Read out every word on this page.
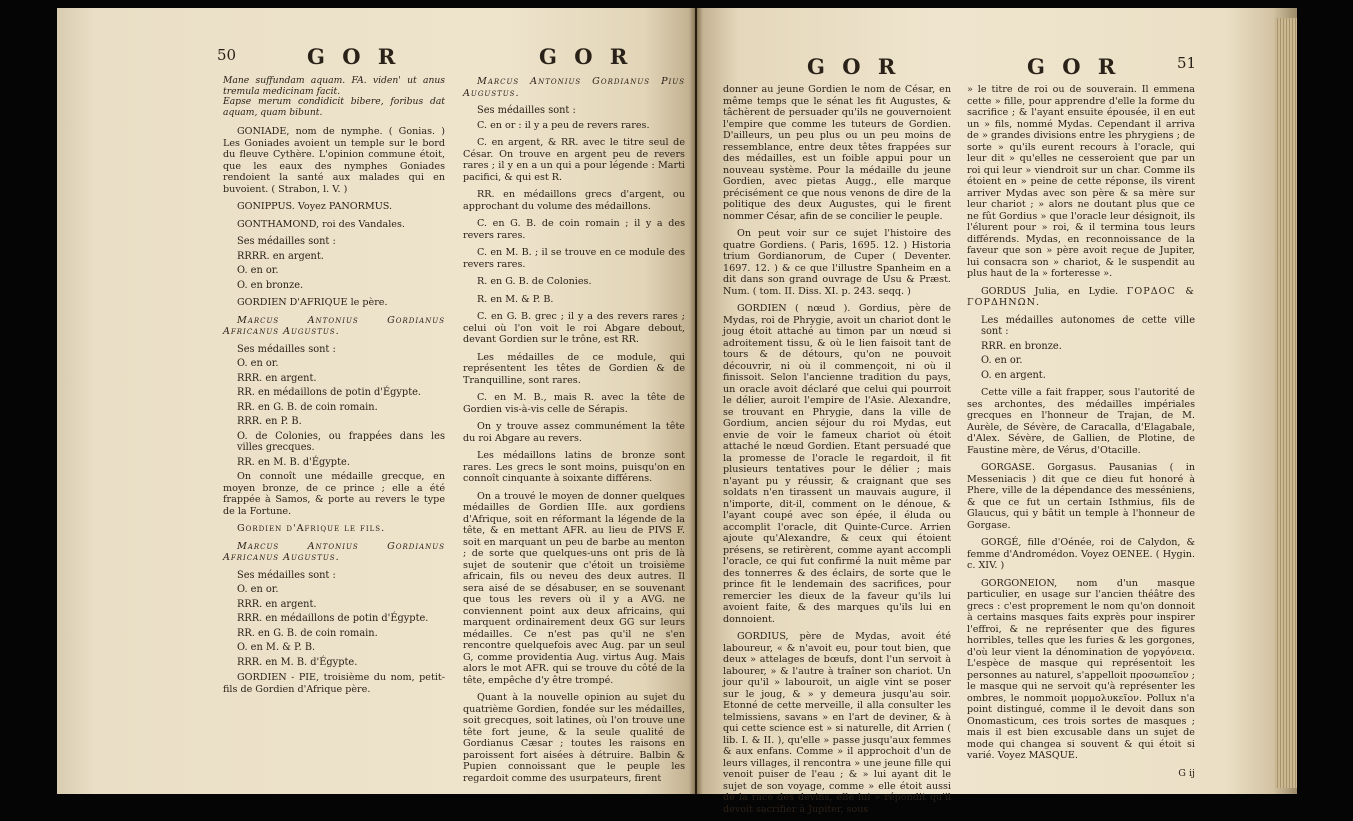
50	G O R	G O R
Mane suffundam aquam. FA. viden' ut anus tremula medicinam facit.
Eapse merum condidicit bibere, foribus dat aquam, quam bibunt.

GONIADE, nom de nymphe. ( Gonias. ) Les Goniades avoient un temple sur le bord du fleuve Cythère. L'opinion commune étoit, que les eaux des nymphes Goniades rendoient la santé aux malades qui en buvoient. ( Strabon, l. V. )

GONIPPUS. Voyez PANORMUS.

GONTHAMOND, roi des Vandales.

Ses médailles sont :
RRRR. en argent.
O. en or.
O. en bronze.

GORDIEN D'AFRIQUE le père.

Marcus Antonius Gordianus Africanus Augustus.

Ses médailles sont :
O. en or.
RRR. en argent.
RR. en médaillons de potin d'Égypte.
RR. en G. B. de coin romain.
RRR. en P. B.
O. de Colonies, ou frappées dans les villes grecques.
RR. en M. B. d'Égypte.

On connoît une médaille grecque, en moyen bronze, de ce prince ; elle a été frappée à Samos, & porte au revers le type de la Fortune.

Gordien d'Afrique le fils.

Marcus Antonius Gordianus Africanus Augustus.

Ses médailles sont :
O. en or.
RRR. en argent.
RRR. en médaillons de potin d'Égypte.
RR. en G. B. de coin romain.
O. en M. & P. B.
RRR. en M. B. d'Égypte.

GORDIEN - PIE, troisième du nom, petit-fils de Gordien d'Afrique père.

Marcus Antonius Gordianus Pius Augustus.

Ses médailles sont :

C. en or : il y a peu de revers rares.

C. en argent, & RR. avec le titre seul de César. On trouve en argent peu de revers rares ; il y en a un qui a pour légende : Marti pacifici, & qui est R.

RR. en médaillons grecs d'argent, ou approchant du volume des médaillons.

C. en G. B. de coin romain ; il y a des revers rares.

C. en M. B. ; il se trouve en ce module des revers rares.

R. en G. B. de Colonies.

R. en M. & P. B.

C. en G. B. grec ; il y a des revers rares ; celui où l'on voit le roi Abgare debout, devant Gordien sur le trône, est RR.

Les médailles de ce module, qui représentent les têtes de Gordien & de Tranquilline, sont rares.

C. en M. B., mais R. avec la tête de Gordien vis-à-vis celle de Sérapis.

On y trouve assez communément la tête du roi Abgare au revers.

Les médaillons latins de bronze sont rares. Les grecs le sont moins, puisqu'on en connoît cinquante à soixante différens.

On a trouvé le moyen de donner quelques médailles de Gordien IIIe. aux gordiens d'Afrique, soit en réformant la légende de la tête, & en mettant AFR. au lieu de PIVS F. soit en marquant un peu de barbe au menton ; de sorte que quelques-uns ont pris de là sujet de soutenir que c'étoit un troisième africain, fils ou neveu des deux autres. Il sera aisé de se désabuser, en se souvenant que tous les revers où il y a AVG. ne conviennent point aux deux africains, qui marquent ordinairement deux GG sur leurs médailles. Ce n'est pas qu'il ne s'en rencontre quelquefois avec Aug. par un seul G, comme providentia Aug. virtus Aug. Mais alors le mot AFR. qui se trouve du côté de la tête, empêche d'y être trompé.

Quant à la nouvelle opinion au sujet du quatrième Gordien, fondée sur les médailles, soit grecques, soit latines, où l'on trouve une tête fort jeune, & la seule qualité de Gordianus Cæsar ; toutes les raisons en paroissent fort aisées à détruire. Balbin & Pupien connoissant que le peuple les regardoit comme des usurpateurs, firent

G O R	G O R	51

donner au jeune Gordien le nom de César, en même temps que le sénat les fit Augustes, & tâchèrent de persuader qu'ils ne gouvernoient l'empire que comme les tuteurs de Gordien. D'ailleurs, un peu plus ou un peu moins de ressemblance, entre deux têtes frappées sur des médailles, est un foible appui pour un nouveau système. Pour la médaille du jeune Gordien, avec pietas Augg., elle marque précisément ce que nous venons de dire de la politique des deux Augustes, qui le firent nommer César, afin de se concilier le peuple.

On peut voir sur ce sujet l'histoire des quatre Gordiens. ( Paris, 1695. 12. ) Historia trium Gordianorum, de Cuper ( Deventer. 1697. 12. ) & ce que l'illustre Spanheim en a dit dans son grand ouvrage de Usu & Præst. Num. ( tom. II. Diss. XI. p. 243. seqq. )

GORDIEN ( nœud ). Gordius, père de Mydas, roi de Phrygie, avoit un chariot dont le joug étoit attaché au timon par un nœud si adroitement tissu, & où le lien faisoit tant de tours & de détours, qu'on ne pouvoit découvrir, ni où il commençoit, ni où il finissoit. Selon l'ancienne tradition du pays, un oracle avoit déclaré que celui qui pourroit le délier, auroit l'empire de l'Asie. Alexandre, se trouvant en Phrygie, dans la ville de Gordium, ancien séjour du roi Mydas, eut envie de voir le fameux chariot où étoit attaché le nœud Gordien. Etant persuadé que la promesse de l'oracle le regardoit, il fit plusieurs tentatives pour le délier ; mais n'ayant pu y réussir, & craignant que ses soldats n'en tirassent un mauvais augure, il n'importe, dit-il, comment on le dénoue, & l'ayant coupé avec son épée, il éluda ou accomplit l'oracle, dit Quinte-Curce. Arrien ajoute qu'Alexandre, & ceux qui étoient présens, se retirèrent, comme ayant accompli l'oracle, ce qui fut confirmé la nuit même par des tonnerres & des éclairs, de sorte que le prince fit le lendemain des sacrifices, pour remercier les dieux de la faveur qu'ils lui avoient faite, & des marques qu'ils lui en donnoient.

GORDIUS, père de Mydas, avoit été laboureur, « & n'avoit eu, pour tout bien, que deux » attelages de bœufs, dont l'un servoit à labourer, » & l'autre à traîner son chariot. Un jour qu'il » labouroit, un aigle vint se poser sur le joug, & » y demeura jusqu'au soir. Etonné de cette merveille, il alla consulter les telmissiens, savans » en l'art de deviner, & à qui cette science est » si naturelle, dit Arrien ( lib. I. & II. ), qu'elle » passe jusqu'aux femmes & aux enfans. Comme » il approchoit d'un de leurs villages, il rencontra » une jeune fille qui venoit puiser de l'eau ; & » lui ayant dit le sujet de son voyage, comme » elle étoit aussi de la race des devins, elle lui » répondit qu'il devoit sacrifier à Jupiter, sous

» le titre de roi ou de souverain. Il emmena cette » fille, pour apprendre d'elle la forme du sacrifice ; & l'ayant ensuite épousée, il en eut un » fils, nommé Mydas. Cependant il arriva de » grandes divisions entre les phrygiens ; de sorte » qu'ils eurent recours à l'oracle, qui leur dit » qu'elles ne cesseroient que par un roi qui leur » viendroit sur un char. Comme ils étoient en » peine de cette réponse, ils virent arriver Mydas avec son père & sa mère sur leur chariot ; » alors ne doutant plus que ce ne fût Gordius » que l'oracle leur désignoit, ils l'élurent pour » roi, & il termina tous leurs différends. Mydas, en reconnoissance de la faveur que son » père avoit reçue de Jupiter, lui consacra son » chariot, & le suspendit au plus haut de la » forteresse ».

GORDUS Julia, en Lydie. ΓΟΡΔΟC & ΓΟΡΔΗΝΩΝ.

Les médailles autonomes de cette ville sont :
RRR. en bronze.
O. en or.
O. en argent.

Cette ville a fait frapper, sous l'autorité de ses archontes, des médailles impériales grecques en l'honneur de Trajan, de M. Aurèle, de Sévère, de Caracalla, d'Elagabale, d'Alex. Sévère, de Gallien, de Plotine, de Faustine mère, de Vérus, d'Otacille.

GORGASE. Gorgasus. Pausanias ( in Messeniacis ) dit que ce dieu fut honoré à Phere, ville de la dépendance des messéniens, & que ce fut un certain Isthmius, fils de Glaucus, qui y bâtit un temple à l'honneur de Gorgase.

GORGÉ, fille d'Oénée, roi de Calydon, & femme d'Andromédon. Voyez OENEE. ( Hygin. c. XIV. )

GORGONEION, nom d'un masque particulier, en usage sur l'ancien théâtre des grecs : c'est proprement le nom qu'on donnoit à certains masques faits exprès pour inspirer l'effroi, & ne représenter que des figures horribles, telles que les furies & les gorgones, d'où leur vient la dénomination de γοργόνεια. L'espèce de masque qui représentoit les personnes au naturel, s'appelloit προσωπεῖον ; le masque qui ne servoit qu'à représenter les ombres, le nommoit μορμολυκεῖον. Pollux n'a point distingué, comme il le devoit dans son Onomasticum, ces trois sortes de masques ; mais il est bien excusable dans un sujet de mode qui changea si souvent & qui étoit si varié. Voyez MASQUE.

G ij
